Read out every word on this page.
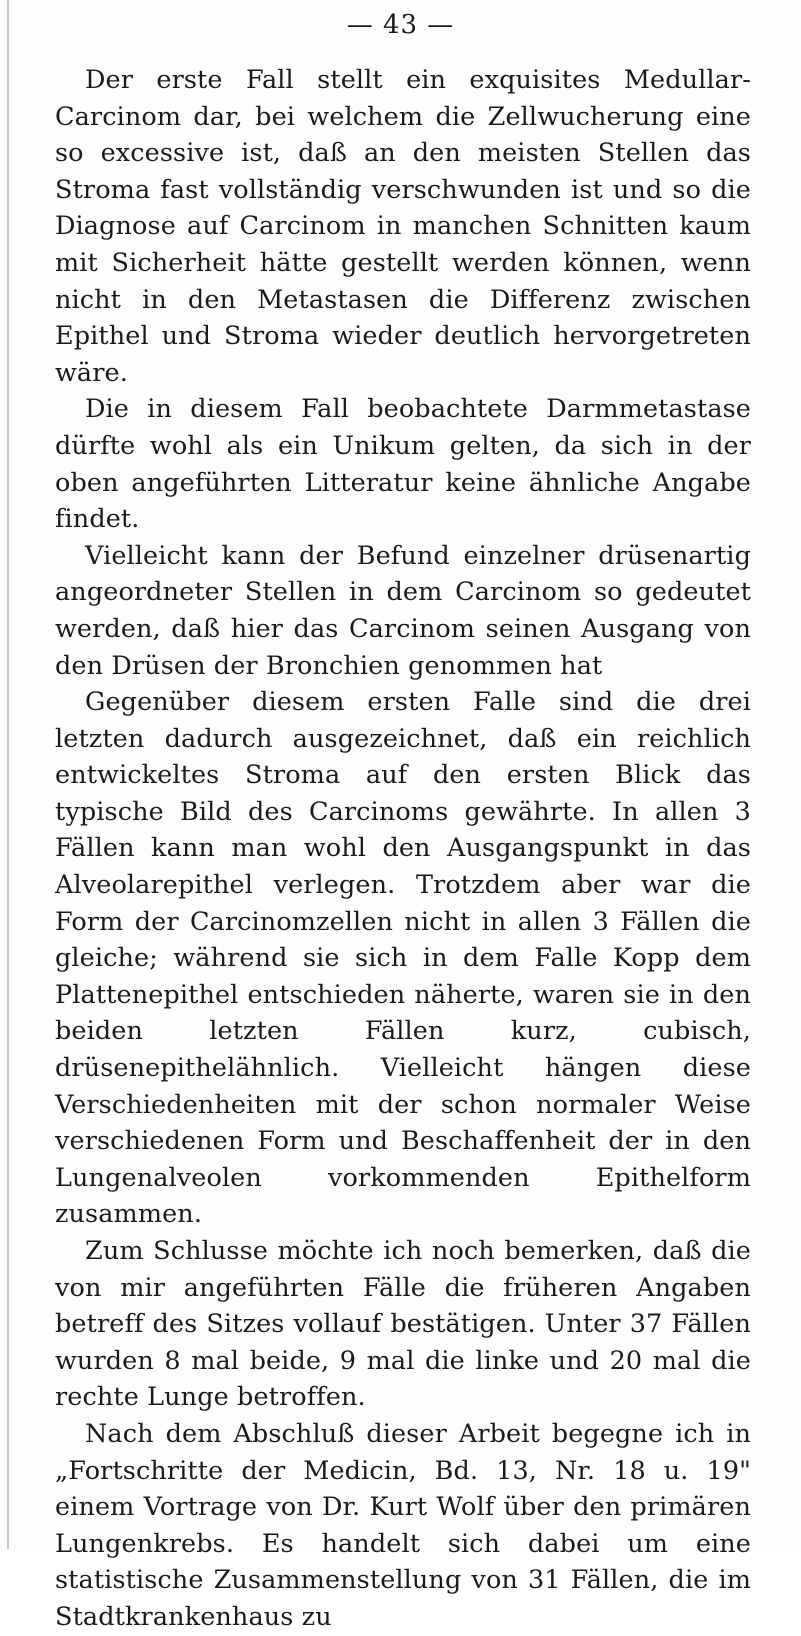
— 43 —

Der erste Fall stellt ein exquisites Medullar-Carcinom dar, bei welchem die Zellwucherung eine so excessive ist, daß an den meisten Stellen das Stroma fast vollständig verschwunden ist und so die Diagnose auf Carcinom in manchen Schnitten kaum mit Sicherheit hätte gestellt werden können, wenn nicht in den Metastasen die Differenz zwischen Epithel und Stroma wieder deutlich hervorgetreten wäre.

Die in diesem Fall beobachtete Darmmetastase dürfte wohl als ein Unikum gelten, da sich in der oben angeführten Litteratur keine ähnliche Angabe findet.

Vielleicht kann der Befund einzelner drüsenartig angeordneter Stellen in dem Carcinom so gedeutet werden, daß hier das Carcinom seinen Ausgang von den Drüsen der Bronchien genommen hat

Gegenüber diesem ersten Falle sind die drei letzten dadurch ausgezeichnet, daß ein reichlich entwickeltes Stroma auf den ersten Blick das typische Bild des Carcinoms gewährte. In allen 3 Fällen kann man wohl den Ausgangspunkt in das Alveolarepithel verlegen. Trotzdem aber war die Form der Carcinomzellen nicht in allen 3 Fällen die gleiche; während sie sich in dem Falle Kopp dem Plattenepithel entschieden näherte, waren sie in den beiden letzten Fällen kurz, cubisch, drüsenepithelähnlich. Vielleicht hängen diese Verschiedenheiten mit der schon normaler Weise verschiedenen Form und Beschaffenheit der in den Lungenalveolen vorkommenden Epithelform zusammen.

Zum Schlusse möchte ich noch bemerken, daß die von mir angeführten Fälle die früheren Angaben betreff des Sitzes vollauf bestätigen. Unter 37 Fällen wurden 8 mal beide, 9 mal die linke und 20 mal die rechte Lunge betroffen.

Nach dem Abschluß dieser Arbeit begegne ich in „Fortschritte der Medicin, Bd. 13, Nr. 18 u. 19" einem Vortrage von Dr. Kurt Wolf über den primären Lungenkrebs. Es handelt sich dabei um eine statistische Zusammenstellung von 31 Fällen, die im Stadtkrankenhaus zu
